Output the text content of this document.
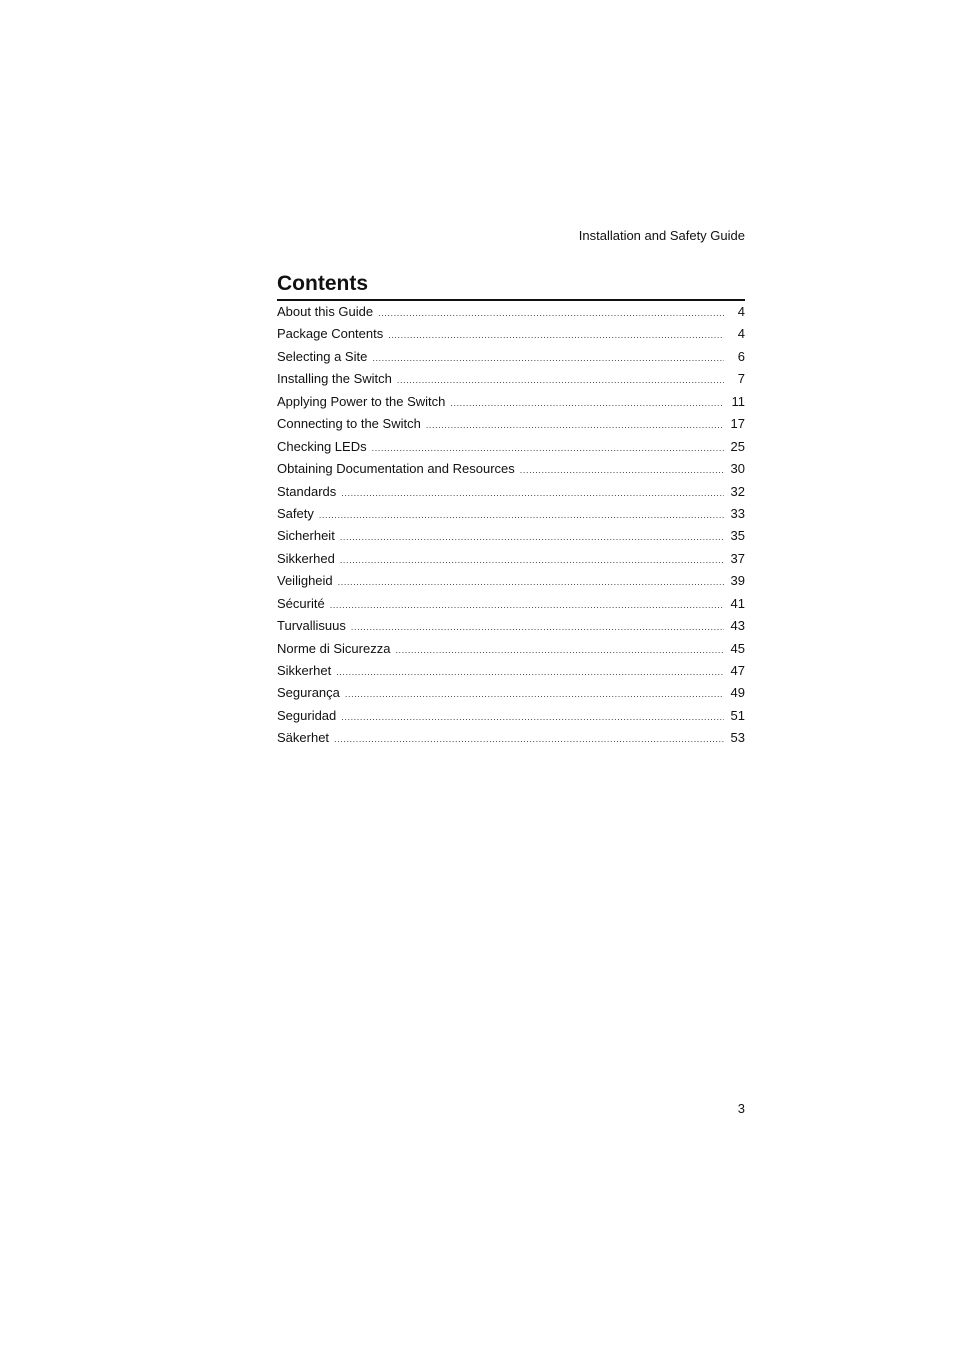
Installation and Safety Guide
Contents
About this Guide .....	4
Package Contents .....	4
Selecting a Site .....	6
Installing the Switch .....	7
Applying Power to the Switch .....	11
Connecting to the Switch .....	17
Checking LEDs .....	25
Obtaining Documentation and Resources .....	30
Standards .....	32
Safety .....	33
Sicherheit .....	35
Sikkerhed .....	37
Veiligheid .....	39
Sécurité .....	41
Turvallisuus .....	43
Norme di Sicurezza .....	45
Sikkerhet .....	47
Segurança .....	49
Seguridad .....	51
Säkerhet .....	53
3
